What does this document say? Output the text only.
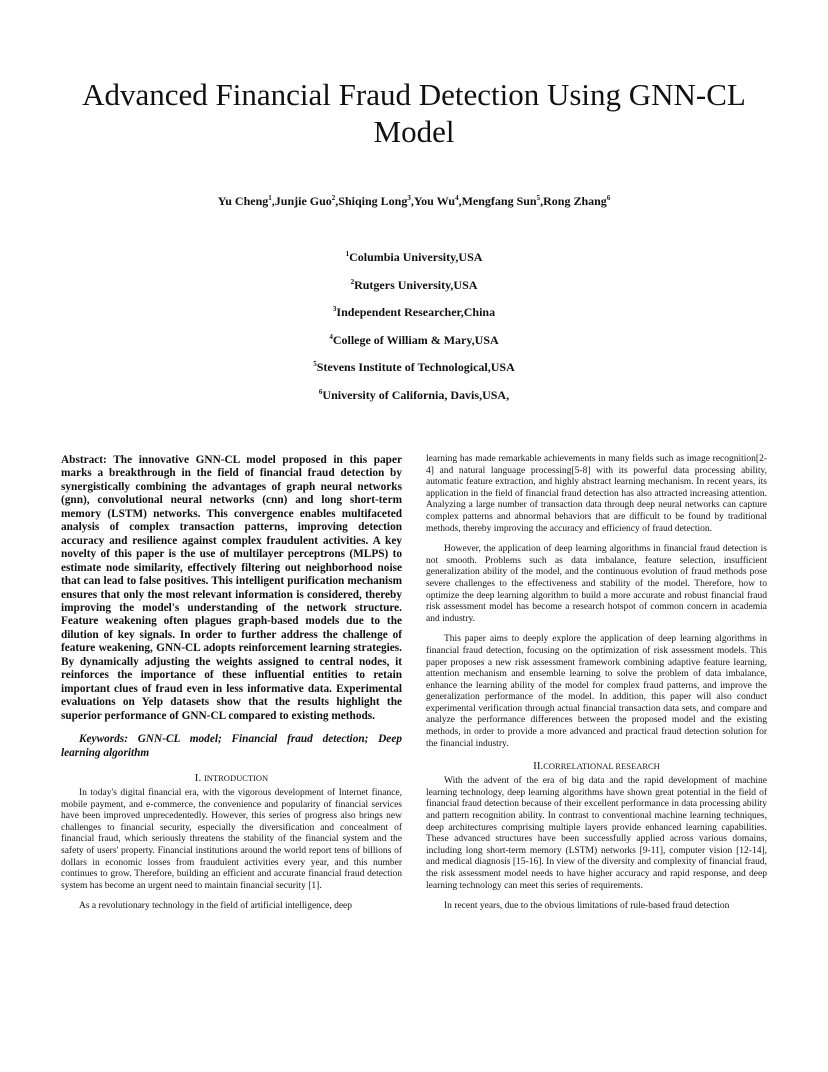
Advanced Financial Fraud Detection Using GNN-CL Model

Yu Cheng$^1$,Junjie Guo$^2$,Shiqing Long$^3$,You Wu$^4$,Mengfang Sun$^5$,Rong Zhang$^6$

$^1$Columbia University,USA
$^2$Rutgers University,USA
$^3$Independent Researcher,China
$^4$College of William & Mary,USA
$^5$Stevens Institute of Technological,USA
$^6$University of California, Davis,USA,

Abstract: The innovative GNN-CL model proposed in this paper marks a breakthrough in the field of financial fraud detection by synergistically combining the advantages of graph neural networks (gnn), convolutional neural networks (cnn) and long short-term memory (LSTM) networks. This convergence enables multifaceted analysis of complex transaction patterns, improving detection accuracy and resilience against complex fraudulent activities. A key novelty of this paper is the use of multilayer perceptrons (MLPS) to estimate node similarity, effectively filtering out neighborhood noise that can lead to false positives. This intelligent purification mechanism ensures that only the most relevant information is considered, thereby improving the model's understanding of the network structure. Feature weakening often plagues graph-based models due to the dilution of key signals. In order to further address the challenge of feature weakening, GNN-CL adopts reinforcement learning strategies. By dynamically adjusting the weights assigned to central nodes, it reinforces the importance of these influential entities to retain important clues of fraud even in less informative data. Experimental evaluations on Yelp datasets show that the results highlight the superior performance of GNN-CL compared to existing methods.

Keywords: GNN-CL model; Financial fraud detection; Deep learning algorithm

I. INTRODUCTION

In today's digital financial era, with the vigorous development of Internet finance, mobile payment, and e-commerce, the convenience and popularity of financial services have been improved unprecedentedly. However, this series of progress also brings new challenges to financial security, especially the diversification and concealment of financial fraud, which seriously threatens the stability of the financial system and the safety of users' property. Financial institutions around the world report tens of billions of dollars in economic losses from fraudulent activities every year, and this number continues to grow. Therefore, building an efficient and accurate financial fraud detection system has become an urgent need to maintain financial security [1].

As a revolutionary technology in the field of artificial intelligence, deep

learning has made remarkable achievements in many fields such as image recognition[2-4] and natural language processing[5-8] with its powerful data processing ability, automatic feature extraction, and highly abstract learning mechanism. In recent years, its application in the field of financial fraud detection has also attracted increasing attention. Analyzing a large number of transaction data through deep neural networks can capture complex patterns and abnormal behaviors that are difficult to be found by traditional methods, thereby improving the accuracy and efficiency of fraud detection.

However, the application of deep learning algorithms in financial fraud detection is not smooth. Problems such as data imbalance, feature selection, insufficient generalization ability of the model, and the continuous evolution of fraud methods pose severe challenges to the effectiveness and stability of the model. Therefore, how to optimize the deep learning algorithm to build a more accurate and robust financial fraud risk assessment model has become a research hotspot of common concern in academia and industry.

This paper aims to deeply explore the application of deep learning algorithms in financial fraud detection, focusing on the optimization of risk assessment models. This paper proposes a new risk assessment framework combining adaptive feature learning, attention mechanism and ensemble learning to solve the problem of data imbalance, enhance the learning ability of the model for complex fraud patterns, and improve the generalization performance of the model. In addition, this paper will also conduct experimental verification through actual financial transaction data sets, and compare and analyze the performance differences between the proposed model and the existing methods, in order to provide a more advanced and practical fraud detection solution for the financial industry.

II.CORRELATIONAL RESEARCH

With the advent of the era of big data and the rapid development of machine learning technology, deep learning algorithms have shown great potential in the field of financial fraud detection because of their excellent performance in data processing ability and pattern recognition ability. In contrast to conventional machine learning techniques, deep architectures comprising multiple layers provide enhanced learning capabilities. These advanced structures have been successfully applied across various domains, including long short-term memory (LSTM) networks [9-11], computer vision [12-14], and medical diagnosis [15-16]. In view of the diversity and complexity of financial fraud, the risk assessment model needs to have higher accuracy and rapid response, and deep learning technology can meet this series of requirements.

In recent years, due to the obvious limitations of rule-based fraud detection
